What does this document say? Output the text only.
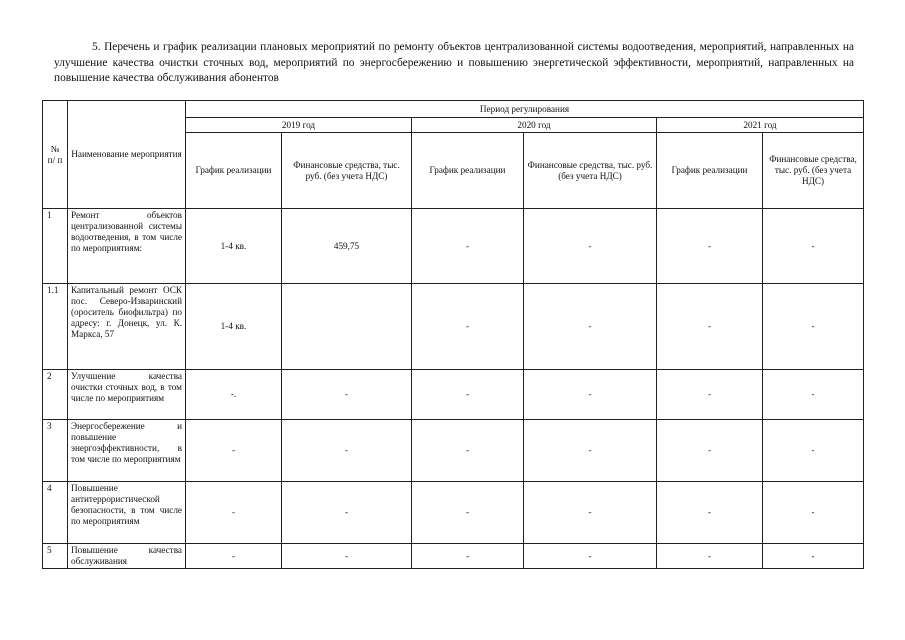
5. Перечень и график реализации плановых мероприятий по ремонту объектов централизованной системы водоотведения, мероприятий, направленных на улучшение качества очистки сточных вод, мероприятий по энергосбережению и повышению энергетической эффективности, мероприятий, направленных на повышение качества обслуживания абонентов

№ п/ п	Наименование мероприятия	Период регулирования					
		2019 год		2020 год		2021 год	
		График реализации	Финансовые средства, тыс. руб. (без учета НДС)	График реализации	Финансовые средства, тыс. руб. (без учета НДС)	График реализации	Финансовые средства, тыс. руб. (без учета НДС)
1	Ремонт объектов централизованной системы водоотведения, в том числе по мероприятиям:	1-4 кв.	459,75	-	-	-	-
1.1	Капитальный ремонт ОСК пос. Северо-Изваринский (ороситель биофильтра) по адресу: г. Донецк, ул. К. Маркса, 57	1-4 кв.		-	-	-	-
2	Улучшение качества очистки сточных вод, в том числе по мероприятиям	-.	-	-	-	-	-
3	Энергосбережение и повышение энергоэффективности, в том числе по мероприятиям	-	-	-	-	-	-
4	Повышение антитеррористической безопасности, в том числе по мероприятиям	-	-	-	-	-	-
5	Повышение качества обслуживания	-	-	-	-	-	-
